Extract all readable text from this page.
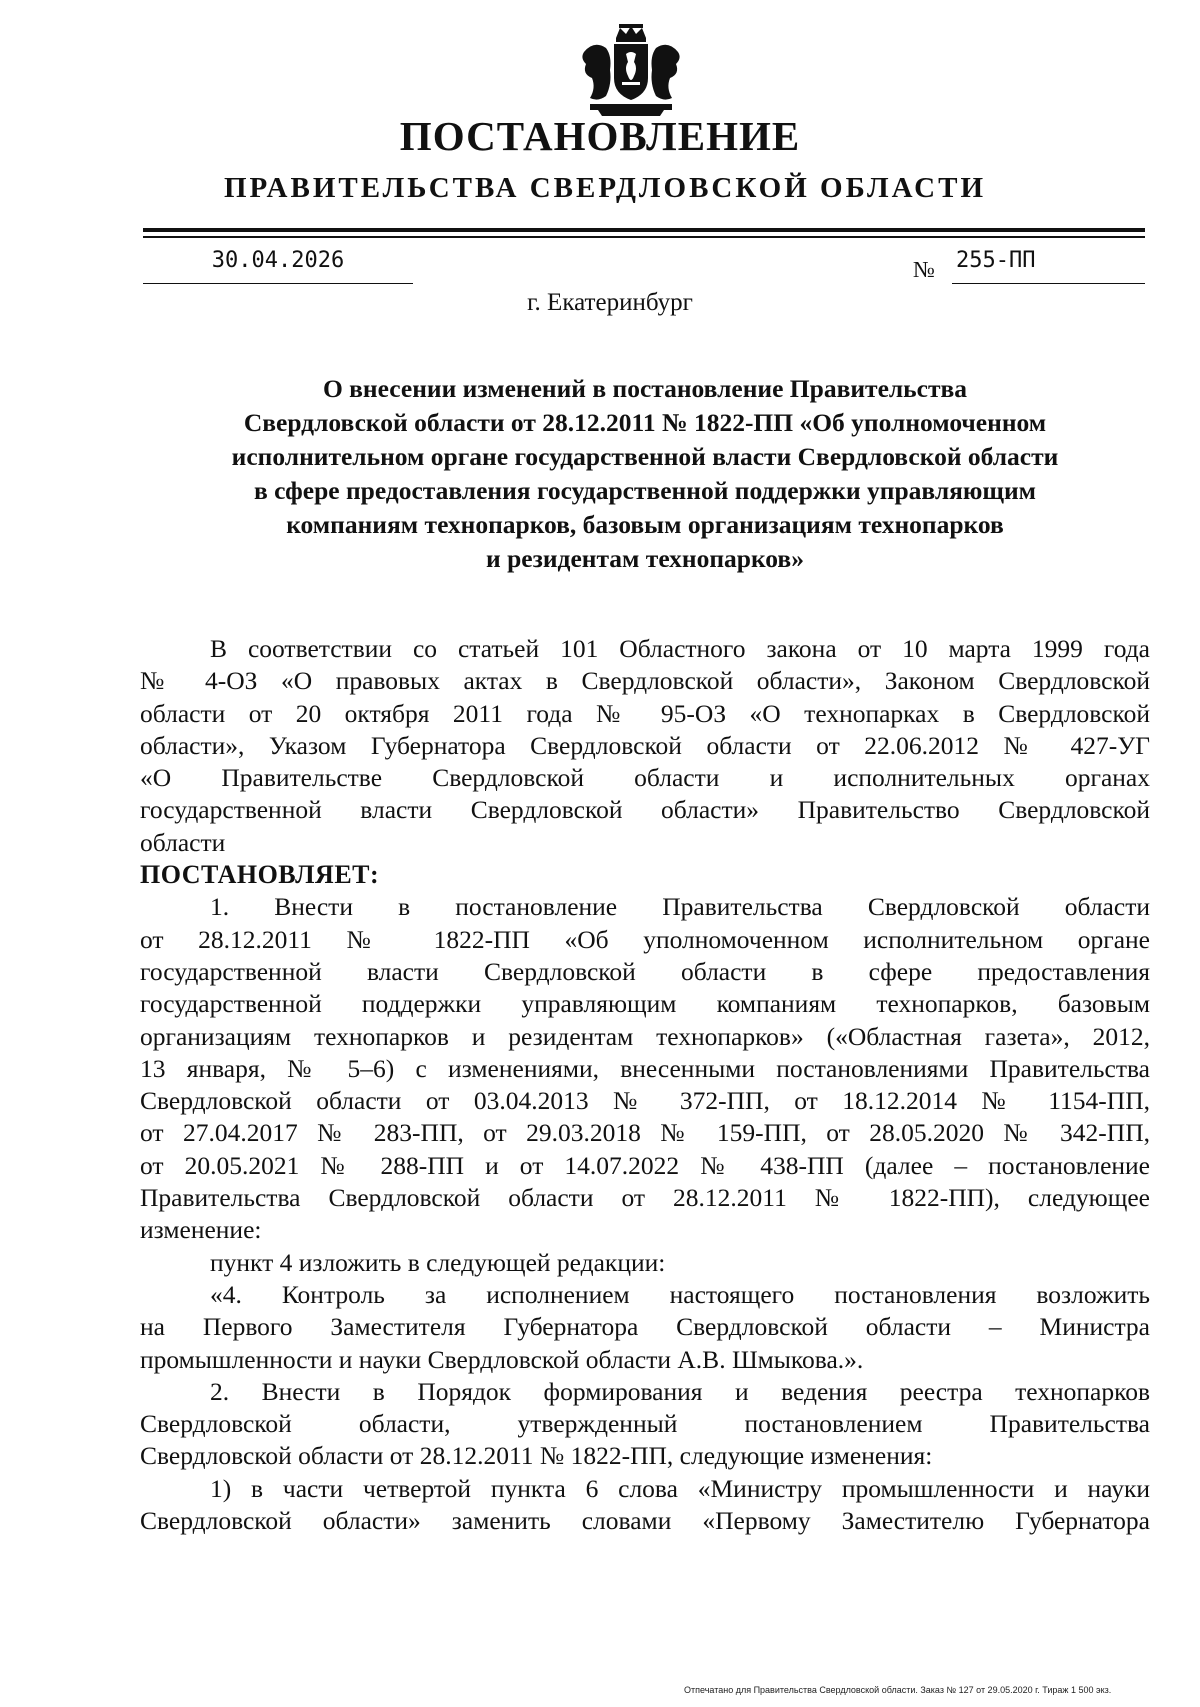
ПОСТАНОВЛЕНИЕ
ПРАВИТЕЛЬСТВА СВЕРДЛОВСКОЙ ОБЛАСТИ
30.04.2026	№ 255-ПП
г. Екатеринбург
О внесении изменений в постановление Правительства
Свердловской области от 28.12.2011 № 1822-ПП «Об уполномоченном
исполнительном органе государственной власти Свердловской области
в сфере предоставления государственной поддержки управляющим
компаниям технопарков, базовым организациям технопарков
и резидентам технопарков»
В соответствии со статьей 101 Областного закона от 10 марта 1999 года
№ 4-ОЗ «О правовых актах в Свердловской области», Законом Свердловской
области от 20 октября 2011 года № 95-ОЗ «О технопарках в Свердловской
области», Указом Губернатора Свердловской области от 22.06.2012 № 427-УГ
«О Правительстве Свердловской области и исполнительных органах
государственной власти Свердловской области» Правительство Свердловской
области
ПОСТАНОВЛЯЕТ:
1. Внести в постановление Правительства Свердловской области
от 28.12.2011 № 1822-ПП «Об уполномоченном исполнительном органе
государственной власти Свердловской области в сфере предоставления
государственной поддержки управляющим компаниям технопарков, базовым
организациям технопарков и резидентам технопарков» («Областная газета», 2012,
13 января, № 5–6) с изменениями, внесенными постановлениями Правительства
Свердловской области от 03.04.2013 № 372-ПП, от 18.12.2014 № 1154-ПП,
от 27.04.2017 № 283-ПП, от 29.03.2018 № 159-ПП, от 28.05.2020 № 342-ПП,
от 20.05.2021 № 288-ПП и от 14.07.2022 № 438-ПП (далее – постановление
Правительства Свердловской области от 28.12.2011 № 1822-ПП), следующее
изменение:
пункт 4 изложить в следующей редакции:
«4. Контроль за исполнением настоящего постановления возложить
на Первого Заместителя Губернатора Свердловской области – Министра
промышленности и науки Свердловской области А.В. Шмыкова.».
2. Внести в Порядок формирования и ведения реестра технопарков
Свердловской области, утвержденный постановлением Правительства
Свердловской области от 28.12.2011 № 1822-ПП, следующие изменения:
1) в части четвертой пункта 6 слова «Министру промышленности и науки
Свердловской области» заменить словами «Первому Заместителю Губернатора
Отпечатано для Правительства Свердловской области. Заказ № 127 от 29.05.2020 г. Тираж 1 500 экз.
